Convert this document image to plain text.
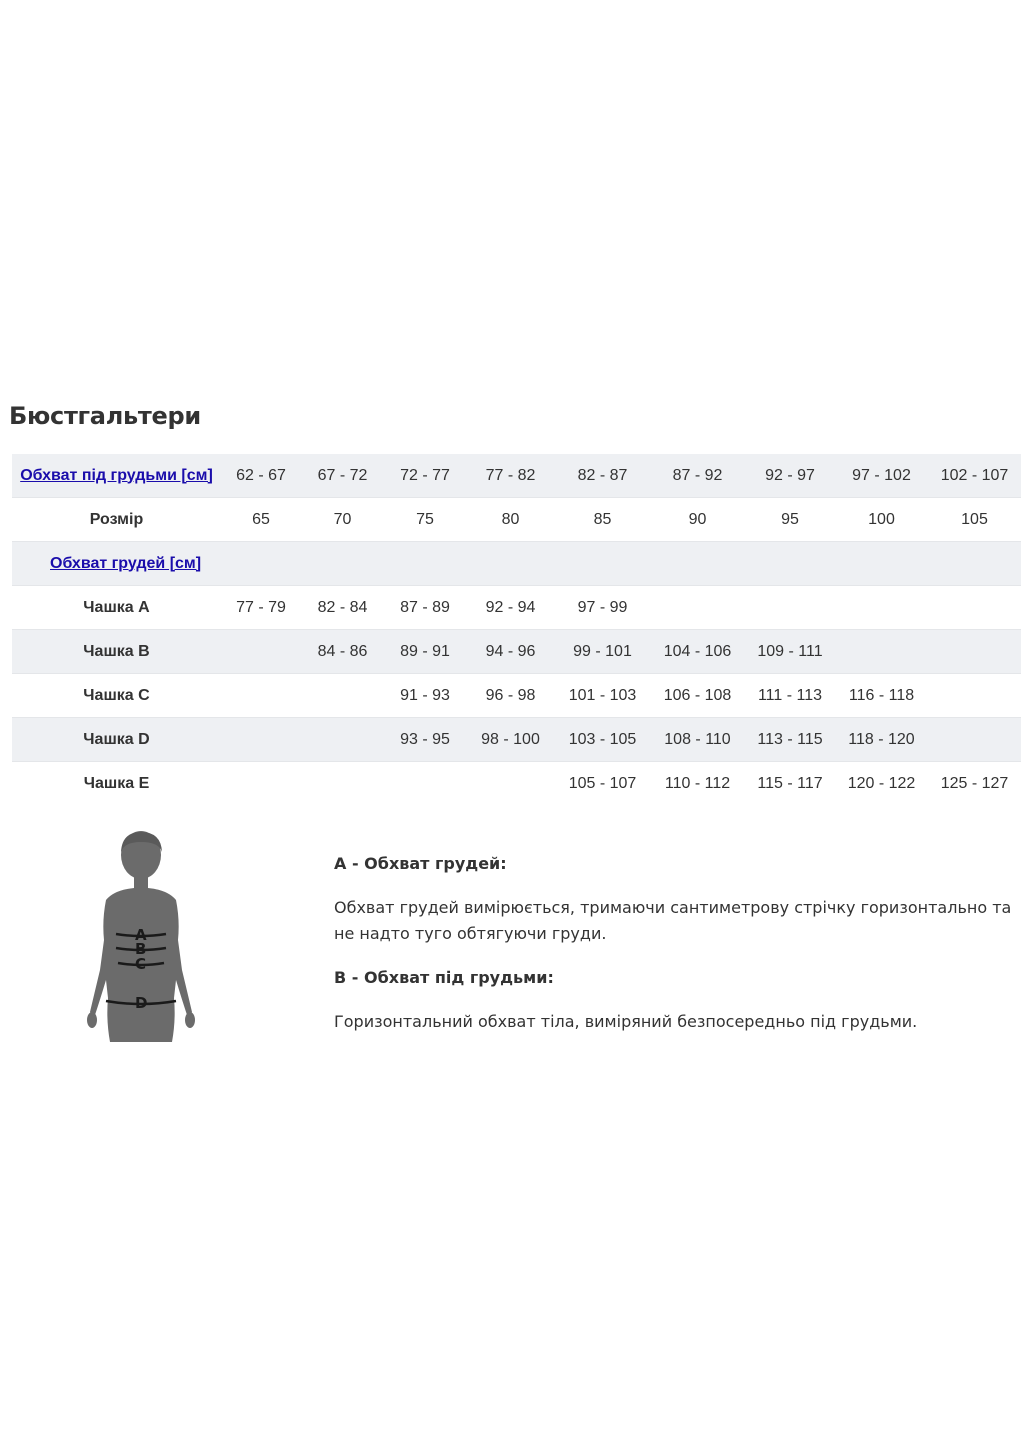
Бюстгальтери
Обхват під грудьми [см]	62 - 67	67 - 72	72 - 77	77 - 82	82 - 87	87 - 92	92 - 97	97 - 102	102 - 107
Розмір	65	70	75	80	85	90	95	100	105
Обхват грудей [см]									
Чашка A	77 - 79	82 - 84	87 - 89	92 - 94	97 - 99				
Чашка B		84 - 86	89 - 91	94 - 96	99 - 101	104 - 106	109 - 111		
Чашка C			91 - 93	96 - 98	101 - 103	106 - 108	111 - 113	116 - 118	
Чашка D			93 - 95	98 - 100	103 - 105	108 - 110	113 - 115	118 - 120	
Чашка E					105 - 107	110 - 112	115 - 117	120 - 122	125 - 127
A
B
C
D
A - Обхват грудей:
Обхват грудей вимірюється, тримаючи сантиметрову стрічку горизонтально та
не надто туго обтягуючи груди.
B - Обхват під грудьми:
Горизонтальний обхват тіла, виміряний безпосередньо під грудьми.
